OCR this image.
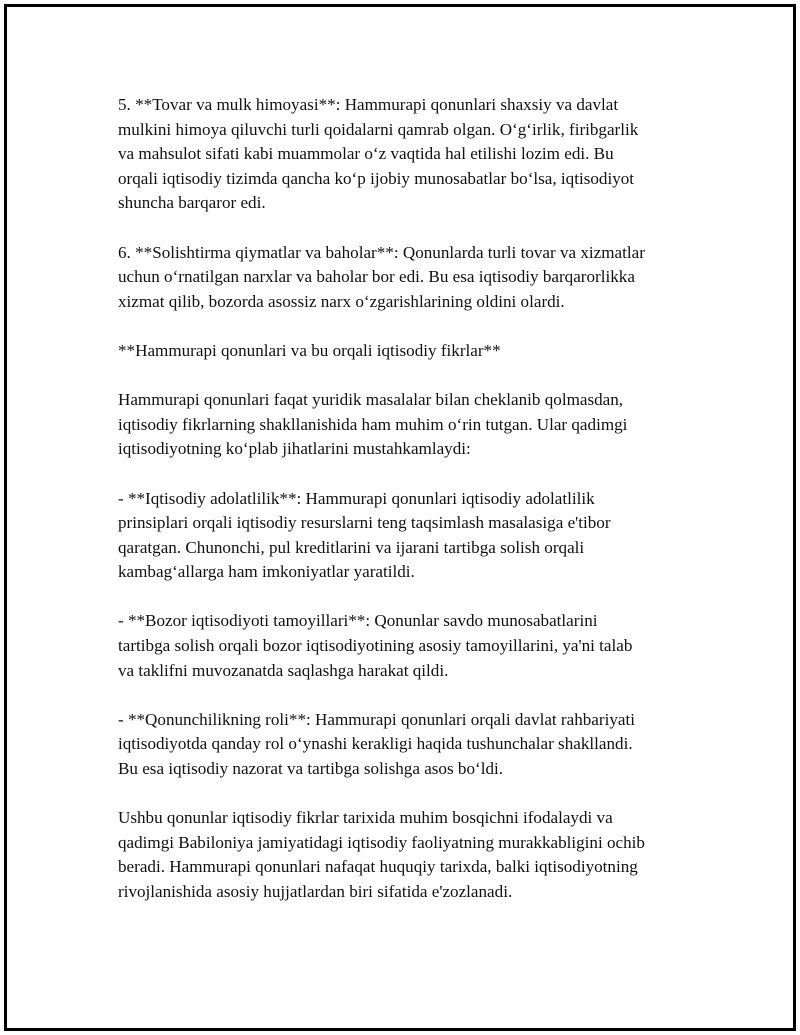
5. **Tovar va mulk himoyasi**: Hammurapi qonunlari shaxsiy va davlat
mulkini himoya qiluvchi turli qoidalarni qamrab olgan. O‘g‘irlik, firibgarlik
va mahsulot sifati kabi muammolar o‘z vaqtida hal etilishi lozim edi. Bu
orqali iqtisodiy tizimda qancha ko‘p ijobiy munosabatlar bo‘lsa, iqtisodiyot
shuncha barqaror edi.

6. **Solishtirma qiymatlar va baholar**: Qonunlarda turli tovar va xizmatlar
uchun o‘rnatilgan narxlar va baholar bor edi. Bu esa iqtisodiy barqarorlikka
xizmat qilib, bozorda asossiz narx o‘zgarishlarining oldini olardi.

**Hammurapi qonunlari va bu orqali iqtisodiy fikrlar**

Hammurapi qonunlari faqat yuridik masalalar bilan cheklanib qolmasdan,
iqtisodiy fikrlarning shakllanishida ham muhim o‘rin tutgan. Ular qadimgi
iqtisodiyotning ko‘plab jihatlarini mustahkamlaydi:

- **Iqtisodiy adolatlilik**: Hammurapi qonunlari iqtisodiy adolatlilik
prinsiplari orqali iqtisodiy resurslarni teng taqsimlash masalasiga e'tibor
qaratgan. Chunonchi, pul kreditlarini va ijarani tartibga solish orqali
kambag‘allarga ham imkoniyatlar yaratildi.

- **Bozor iqtisodiyoti tamoyillari**: Qonunlar savdo munosabatlarini
tartibga solish orqali bozor iqtisodiyotining asosiy tamoyillarini, ya'ni talab
va taklifni muvozanatda saqlashga harakat qildi.

- **Qonunchilikning roli**: Hammurapi qonunlari orqali davlat rahbariyati
iqtisodiyotda qanday rol o‘ynashi kerakligi haqida tushunchalar shakllandi.
Bu esa iqtisodiy nazorat va tartibga solishga asos bo‘ldi.

Ushbu qonunlar iqtisodiy fikrlar tarixida muhim bosqichni ifodalaydi va
qadimgi Babiloniya jamiyatidagi iqtisodiy faoliyatning murakkabligini ochib
beradi. Hammurapi qonunlari nafaqat huquqiy tarixda, balki iqtisodiyotning
rivojlanishida asosiy hujjatlardan biri sifatida e'zozlanadi.
